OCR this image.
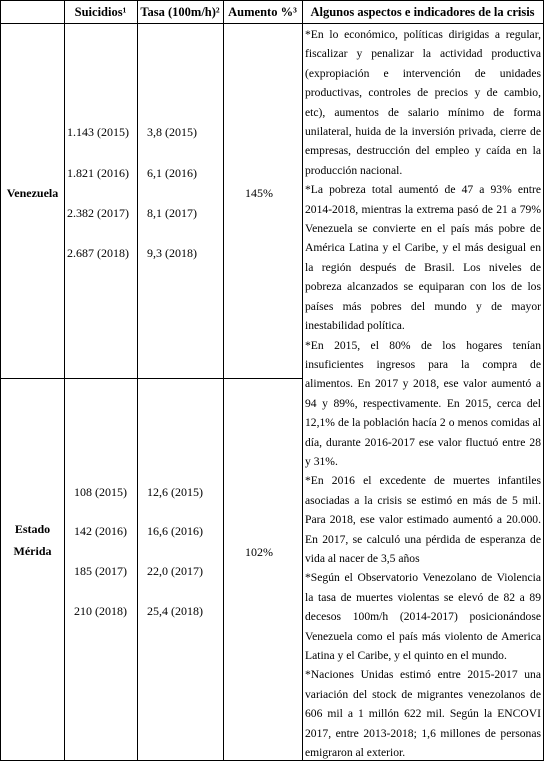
Suicidios¹	Tasa (100m/h)² Aumento %³	Algunos aspectos e indicadores de la crisis
Venezuela
1.143 (2015)
1.821 (2016)
2.382 (2017)
2.687 (2018)
3,8 (2015)
6,1 (2016)
8,1 (2017)
9,3 (2018)
145%
Estado
Mérida
108 (2015)
142 (2016)
185 (2017)
210 (2018)
12,6 (2015)
16,6 (2016)
22,0 (2017)
25,4 (2018)
102%

*En lo económico, políticas dirigidas a regular, fiscalizar y penalizar la actividad productiva (expropiación e intervención de unidades productivas, controles de precios y de cambio, etc), aumentos de salario mínimo de forma unilateral, huida de la inversión privada, cierre de empresas, destrucción del empleo y caída en la producción nacional.

*La pobreza total aumentó de 47 a 93% entre 2014-2018, mientras la extrema pasó de 21 a 79% Venezuela se convierte en el país más pobre de América Latina y el Caribe, y el más desigual en la región después de Brasil. Los niveles de pobreza alcanzados se equiparan con los de los países más pobres del mundo y de mayor inestabilidad política.

*En 2015, el 80% de los hogares tenían insuficientes ingresos para la compra de alimentos. En 2017 y 2018, ese valor aumentó a 94 y 89%, respectivamente. En 2015, cerca del 12,1% de la población hacía 2 o menos comidas al día, durante 2016-2017 ese valor fluctuó entre 28 y 31%.

*En 2016 el excedente de muertes infantiles asociadas a la crisis se estimó en más de 5 mil. Para 2018, ese valor estimado aumentó a 20.000. En 2017, se calculó una pérdida de esperanza de vida al nacer de 3,5 años

*Según el Observatorio Venezolano de Violencia la tasa de muertes violentas se elevó de 82 a 89 decesos 100m/h (2014-2017) posicionándose Venezuela como el país más violento de America Latina y el Caribe, y el quinto en el mundo.

*Naciones Unidas estimó entre 2015-2017 una variación del stock de migrantes venezolanos de 606 mil a 1 millón 622 mil. Según la ENCOVI 2017, entre 2013-2018; 1,6 millones de personas emigraron al exterior.
